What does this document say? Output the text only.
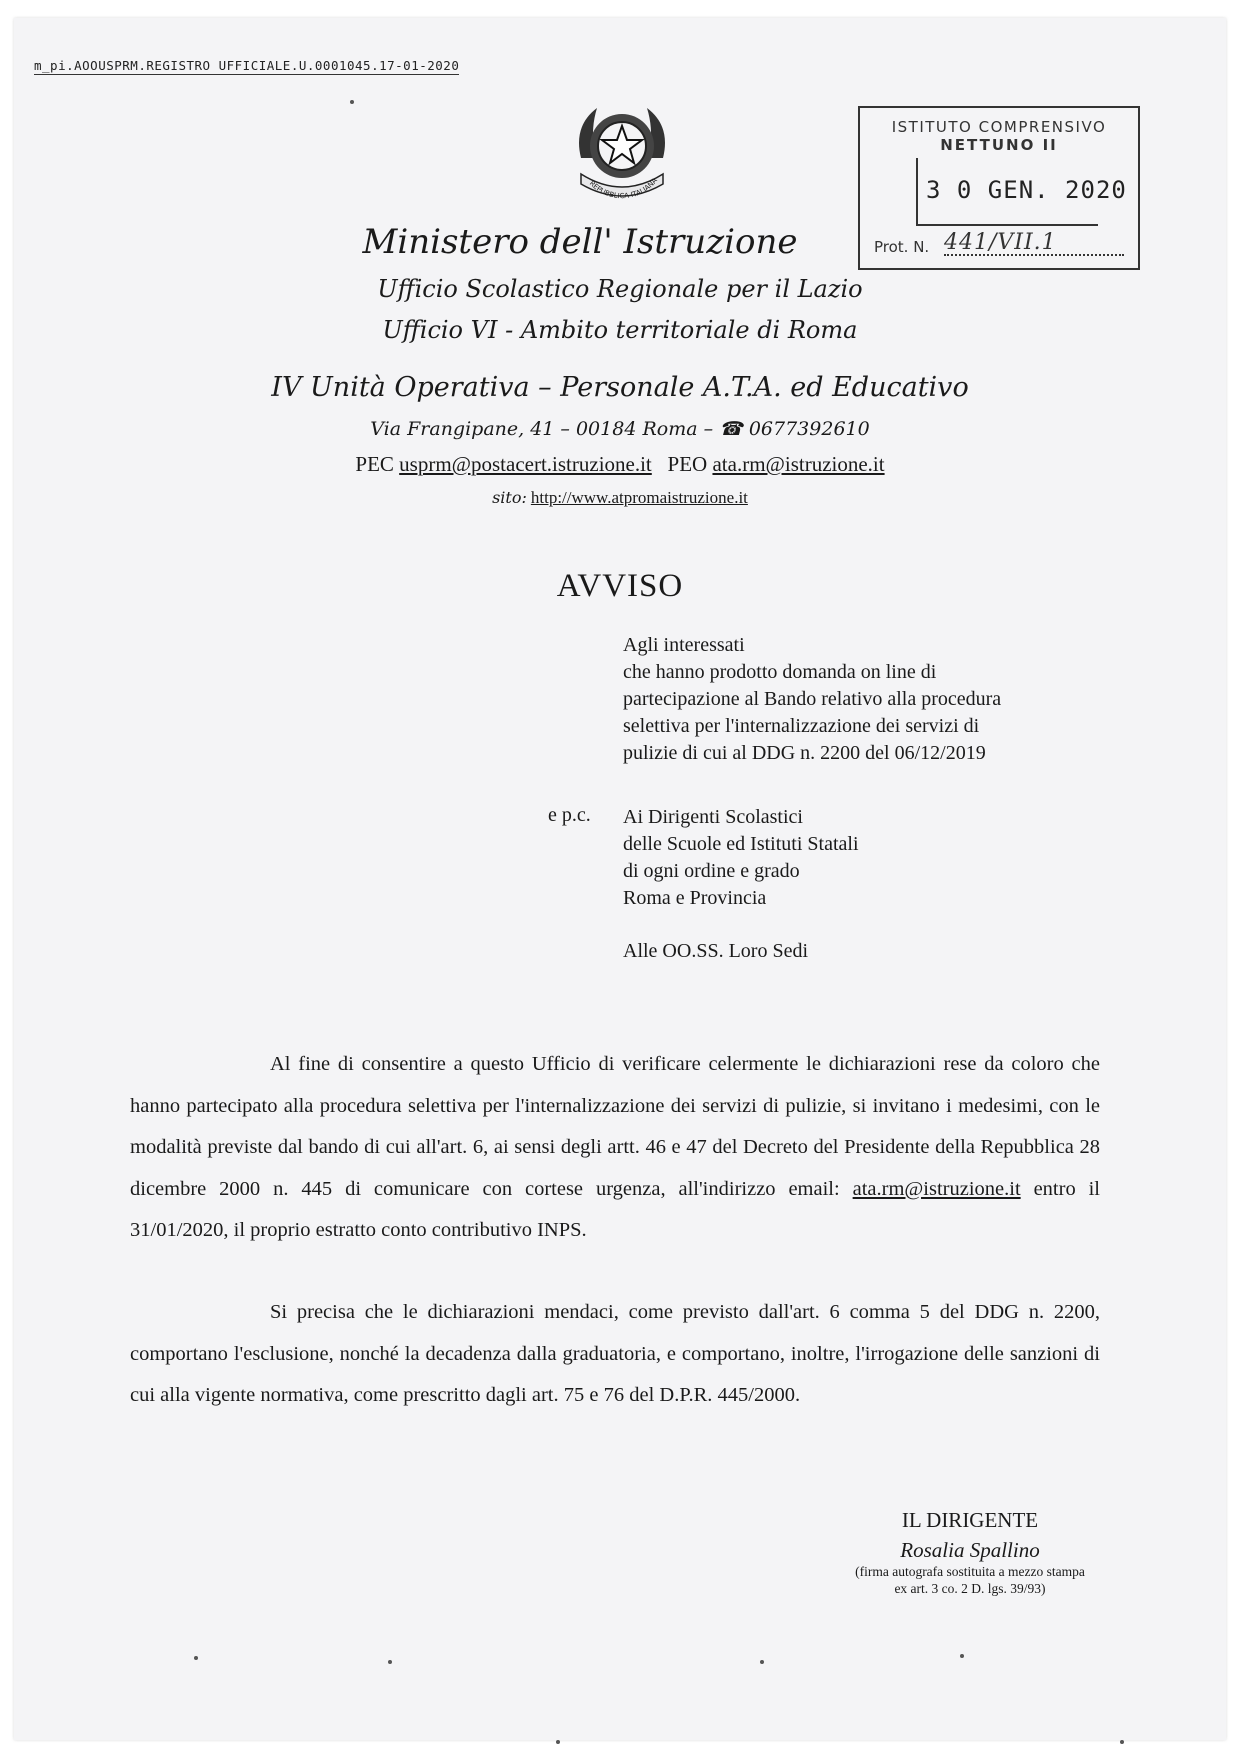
m_pi.AOOUSPRM.REGISTRO UFFICIALE.U.0001045.17-01-2020
REPUBBLICA ITALIANA
ISTITUTO COMPRENSIVO
NETTUNO II
3 0 GEN. 2020
Prot. N. 441/VII.1
Ministero dell' Istruzione
Ufficio Scolastico Regionale per il Lazio
Ufficio VI - Ambito territoriale di Roma
IV Unità Operativa – Personale A.T.A. ed Educativo
Via Frangipane, 41 – 00184 Roma – ☎ 0677392610
PEC usprm@postacert.istruzione.it PEO ata.rm@istruzione.it
sito: http://www.atpromaistruzione.it
AVVISO
Agli interessati
che hanno prodotto domanda on line di
partecipazione al Bando relativo alla procedura
selettiva per l'internalizzazione dei servizi di
pulizie di cui al DDG n. 2200 del 06/12/2019
e p.c. Ai Dirigenti Scolastici
delle Scuole ed Istituti Statali
di ogni ordine e grado
Roma e Provincia
Alle OO.SS. Loro Sedi

Al fine di consentire a questo Ufficio di verificare celermente le dichiarazioni rese da coloro che hanno partecipato alla procedura selettiva per l'internalizzazione dei servizi di pulizie, si invitano i medesimi, con le modalità previste dal bando di cui all'art. 6, ai sensi degli artt. 46 e 47 del Decreto del Presidente della Repubblica 28 dicembre 2000 n. 445 di comunicare con cortese urgenza, all'indirizzo email: ata.rm@istruzione.it entro il 31/01/2020, il proprio estratto conto contributivo INPS.

Si precisa che le dichiarazioni mendaci, come previsto dall'art. 6 comma 5 del DDG n. 2200, comportano l'esclusione, nonché la decadenza dalla graduatoria, e comportano, inoltre, l'irrogazione delle sanzioni di cui alla vigente normativa, come prescritto dagli art. 75 e 76 del D.P.R. 445/2000.

IL DIRIGENTE
Rosalia Spallino
(firma autografa sostituita a mezzo stampa
ex art. 3 co. 2 D. lgs. 39/93)
